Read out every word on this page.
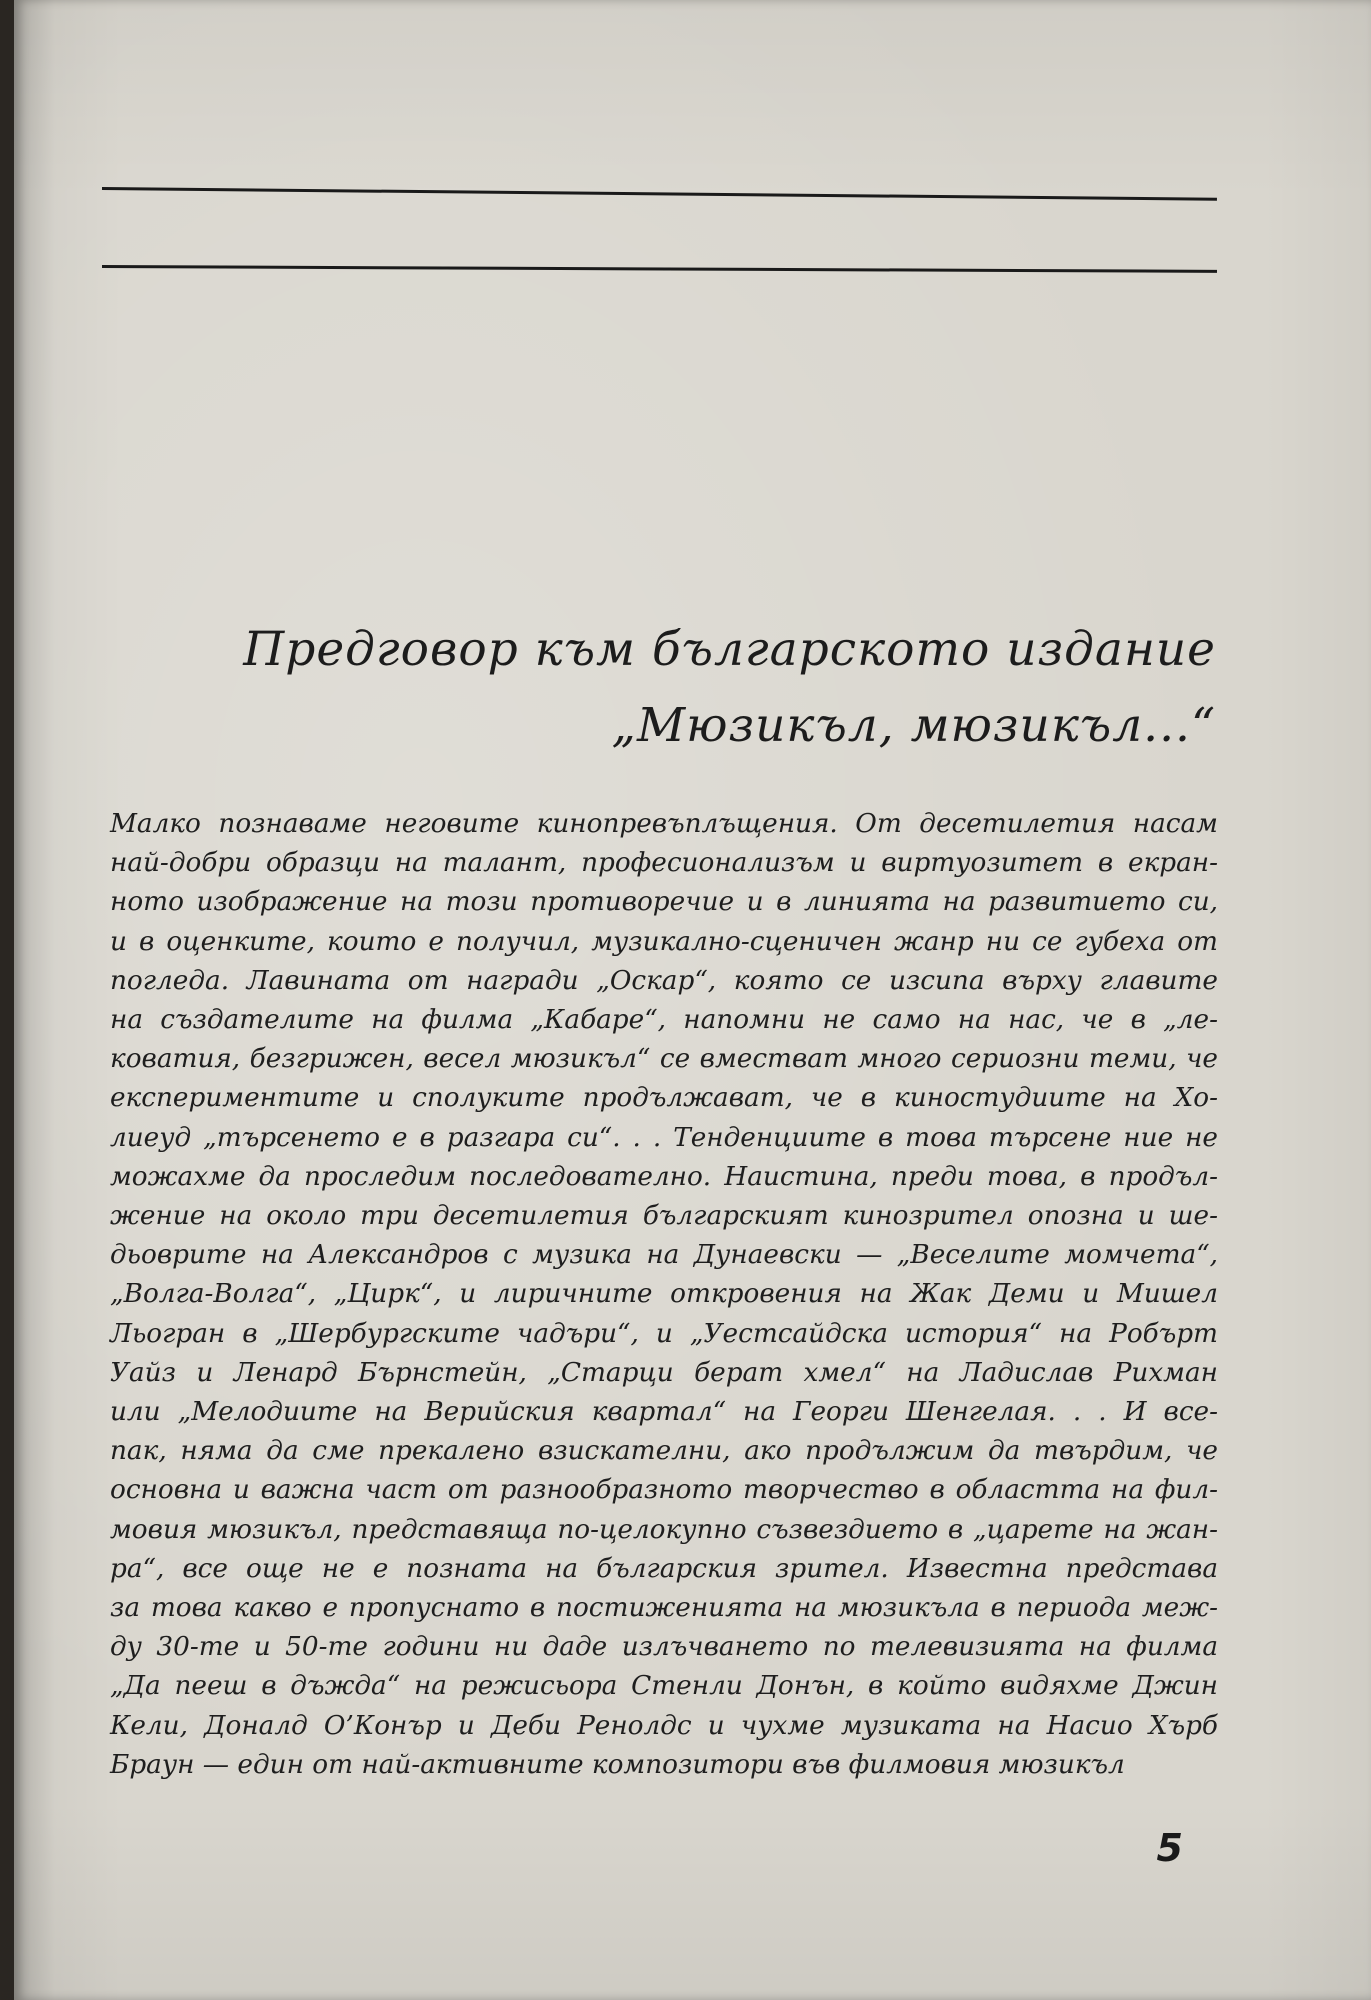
Предговор към българското издание
„Мюзикъл, мюзикъл...“
Малко познаваме неговите кинопревъплъщения. От десетилетия насам
най-добри образци на талант, професионализъм и виртуозитет в екран-
ното изображение на този противоречие и в линията на развитието си,
и в оценките, които е получил, музикално-сценичен жанр ни се губеха от
погледа. Лавината от награди „Оскар“, която се изсипа върху главите
на създателите на филма „Кабаре“, напомни не само на нас, че в „ле-
коватия, безгрижен, весел мюзикъл“ се вместват много сериозни теми, че
експериментите и сполуките продължават, че в киностудиите на Хо-
лиеуд „търсенето е в разгара си“. . . Тенденциите в това търсене ние не
можахме да проследим последователно. Наистина, преди това, в продъл-
жение на около три десетилетия българският кинозрител опозна и ше-
дьоврите на Александров с музика на Дунаевски — „Веселите момчета“,
„Волга-Волга“, „Цирк“, и лиричните откровения на Жак Деми и Мишел
Льогран в „Шербургските чадъри“, и „Уестсайдска история“ на Робърт
Уайз и Ленард Бърнстейн, „Старци берат хмел“ на Ладислав Рихман
или „Мелодиите на Верийския квартал“ на Георги Шенгелая. . . И все-
пак, няма да сме прекалено взискателни, ако продължим да твърдим, че
основна и важна част от разнообразното творчество в областта на фил-
мовия мюзикъл, представяща по-целокупно съзвездието в „царете на жан-
ра“, все още не е позната на българския зрител. Известна представа
за това какво е пропуснато в постиженията на мюзикъла в периода меж-
ду 30-те и 50-те години ни даде излъчването по телевизията на филма
„Да пееш в дъжда“ на режисьора Стенли Донън, в който видяхме Джин
Кели, Доналд О’Конър и Деби Ренолдс и чухме музиката на Насио Хърб
Браун — един от най-активните композитори във филмовия мюзикъл
5
